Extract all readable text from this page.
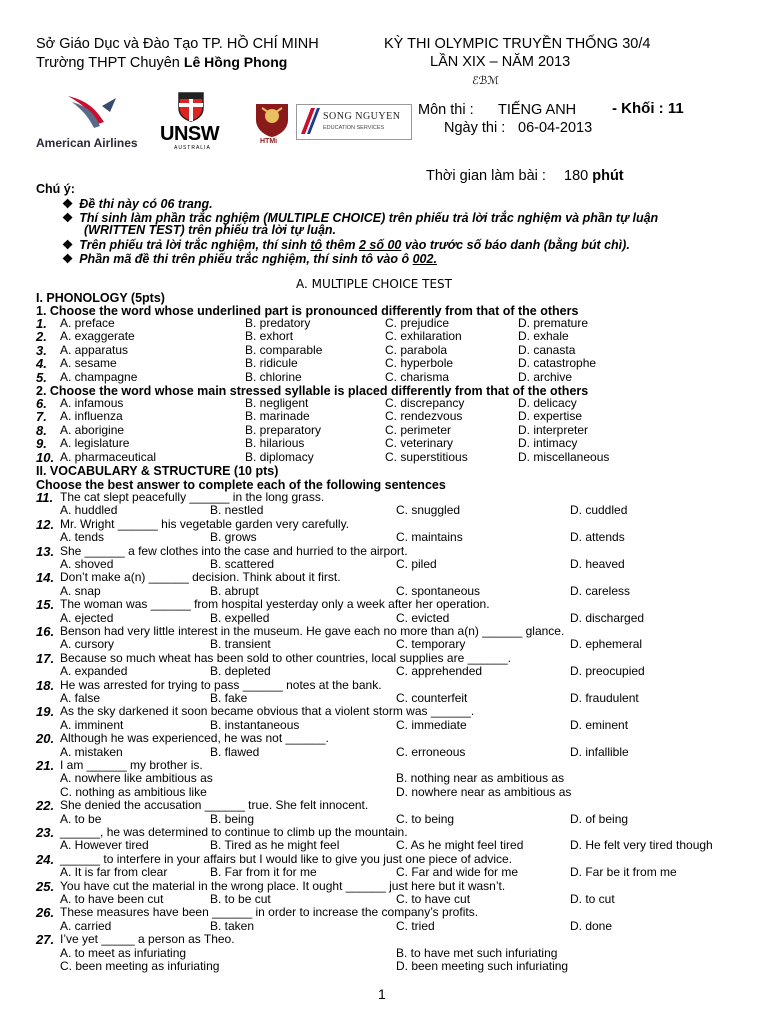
Sở Giáo Dục và Đào Tạo TP. HỒ CHÍ MINH
Trường THPT Chuyên Lê Hồng Phong
KỲ THI OLYMPIC TRUYỀN THỐNG 30/4
LẦN XIX – NĂM 2013
ℰℬℳ
American Airlines UNSW
AUSTRALIA
HTMi
SONG NGUYEN
EDUCATION SERVICES
Môn thi : TIẾNG ANH - Khối : 11
Ngày thi : 06-04-2013
Thời gian làm bài : 180 phút
Chú ý:
❖ Đề thi này có 06 trang.
❖ Thí sinh làm phần trắc nghiệm (MULTIPLE CHOICE) trên phiếu trả lời trắc nghiệm và phần tự luận
(WRITTEN TEST) trên phiếu trả lời tự luận.
❖ Trên phiếu trả lời trắc nghiệm, thí sinh tô thêm 2 số 00 vào trước số báo danh (bằng bút chì).
❖ Phần mã đề thi trên phiếu trắc nghiệm, thí sinh tô vào ô 002.
A. MULTIPLE CHOICE TEST
I. PHONOLOGY (5pts)
1. Choose the word whose underlined part is pronounced differently from that of the others
2. Choose the word whose main stressed syllable is placed differently from that of the others
II. VOCABULARY & STRUCTURE (10 pts)
Choose the best answer to complete each of the following sentences
1
1. A. preface	B. predatory	C. prejudice	D. premature
2. A. exaggerate	B. exhort	C. exhilaration	D. exhale
3. A. apparatus	B. comparable	C. parabola	D. canasta
4. A. sesame	B. ridicule	C. hyperbole	D. catastrophe
5. A. champagne	B. chlorine	C. charisma	D. archive
6. A. infamous	B. negligent	C. discrepancy	D. delicacy
7. A. influenza	B. marinade	C. rendezvous	D. expertise
8. A. aborigine	B. preparatory	C. perimeter	D. interpreter
9. A. legislature	B. hilarious	C. veterinary	D. intimacy
10. A. pharmaceutical	B. diplomacy	C. superstitious	D. miscellaneous
11. The cat slept peacefully ______ in the long grass.
A. huddled	B. nestled	C. snuggled	D. cuddled
12. Mr. Wright ______ his vegetable garden very carefully.
A. tends	B. grows	C. maintains	D. attends
13. She ______ a few clothes into the case and hurried to the airport.
A. shoved	B. scattered	C. piled	D. heaved
14. Don’t make a(n) ______ decision. Think about it first.
A. snap	B. abrupt	C. spontaneous	D. careless
15. The woman was ______ from hospital yesterday only a week after her operation.
A. ejected	B. expelled	C. evicted	D. discharged
16. Benson had very little interest in the museum. He gave each no more than a(n) ______ glance.
A. cursory	B. transient	C. temporary	D. ephemeral
17. Because so much wheat has been sold to other countries, local supplies are ______.
A. expanded	B. depleted	C. apprehended	D. preocupied
18. He was arrested for trying to pass ______ notes at the bank.
A. false	B. fake	C. counterfeit	D. fraudulent
19. As the sky darkened it soon became obvious that a violent storm was ______.
A. imminent	B. instantaneous	C. immediate	D. eminent
20. Although he was experienced, he was not ______.
A. mistaken	B. flawed	C. erroneous	D. infallible
21. I am ______ my brother is.
A. nowhere like ambitious as	B. nothing near as ambitious as
C. nothing as ambitious like	D. nowhere near as ambitious as
22. She denied the accusation ______ true. She felt innocent.
A. to be	B. being	C. to being	D. of being
23. ______, he was determined to continue to climb up the mountain.
A. However tired	B. Tired as he might feel	C. As he might feel tired	D. He felt very tired though
24. ______ to interfere in your affairs but I would like to give you just one piece of advice.
A. It is far from clear	B. Far from it for me	C. Far and wide for me	D. Far be it from me
25. You have cut the material in the wrong place. It ought ______ just here but it wasn’t.
A. to have been cut	B. to be cut	C. to have cut	D. to cut
26. These measures have been ______ in order to increase the company’s profits.
A. carried	B. taken	C. tried	D. done
27. I’ve yet _____ a person as Theo.
A. to meet as infuriating	B. to have met such infuriating
C. been meeting as infuriating	D. been meeting such infuriating
